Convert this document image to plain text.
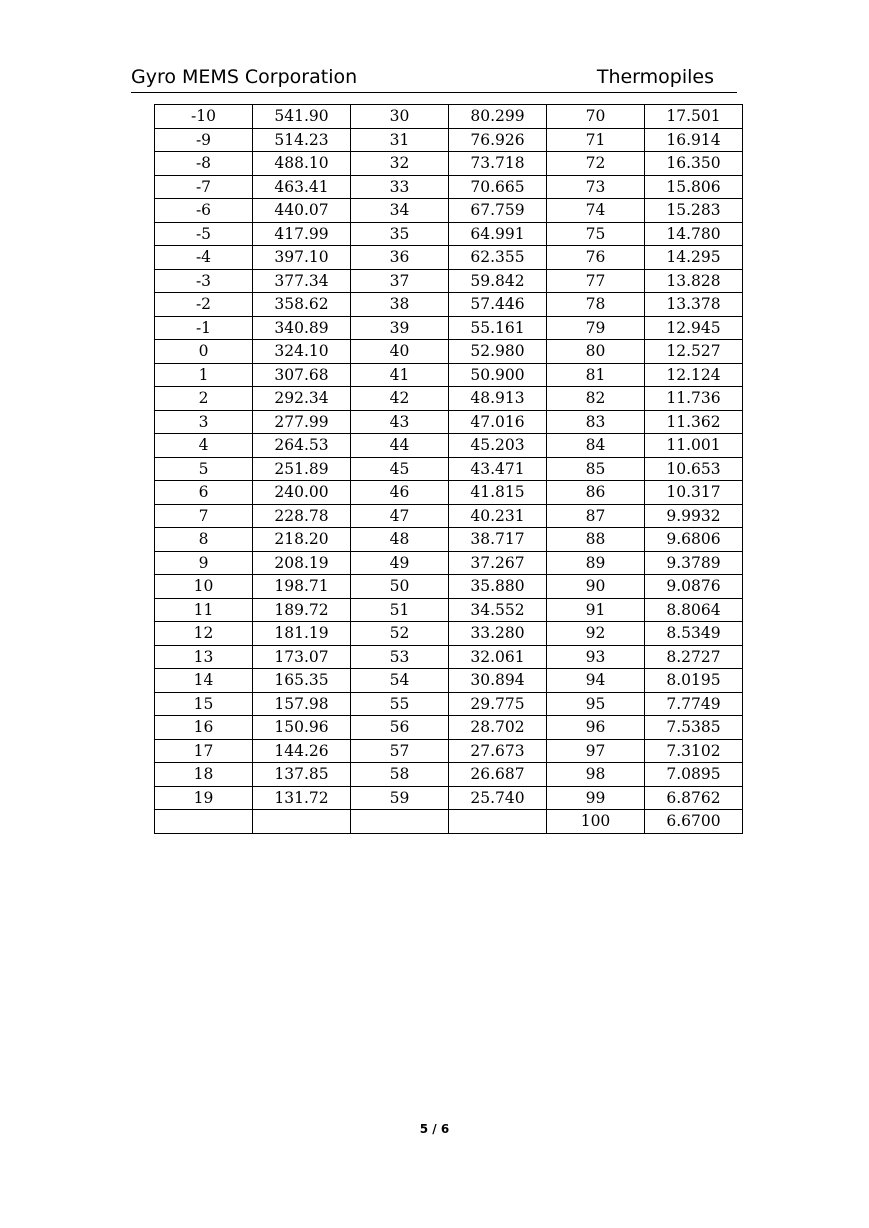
Gyro MEMS Corporation	Thermopiles
-10	541.90	30	80.299	70	17.501
-9	514.23	31	76.926	71	16.914
-8	488.10	32	73.718	72	16.350
-7	463.41	33	70.665	73	15.806
-6	440.07	34	67.759	74	15.283
-5	417.99	35	64.991	75	14.780
-4	397.10	36	62.355	76	14.295
-3	377.34	37	59.842	77	13.828
-2	358.62	38	57.446	78	13.378
-1	340.89	39	55.161	79	12.945
0	324.10	40	52.980	80	12.527
1	307.68	41	50.900	81	12.124
2	292.34	42	48.913	82	11.736
3	277.99	43	47.016	83	11.362
4	264.53	44	45.203	84	11.001
5	251.89	45	43.471	85	10.653
6	240.00	46	41.815	86	10.317
7	228.78	47	40.231	87	9.9932
8	218.20	48	38.717	88	9.6806
9	208.19	49	37.267	89	9.3789
10	198.71	50	35.880	90	9.0876
11	189.72	51	34.552	91	8.8064
12	181.19	52	33.280	92	8.5349
13	173.07	53	32.061	93	8.2727
14	165.35	54	30.894	94	8.0195
15	157.98	55	29.775	95	7.7749
16	150.96	56	28.702	96	7.5385
17	144.26	57	27.673	97	7.3102
18	137.85	58	26.687	98	7.0895
19	131.72	59	25.740	99	6.8762
				100	6.6700
5 / 6
